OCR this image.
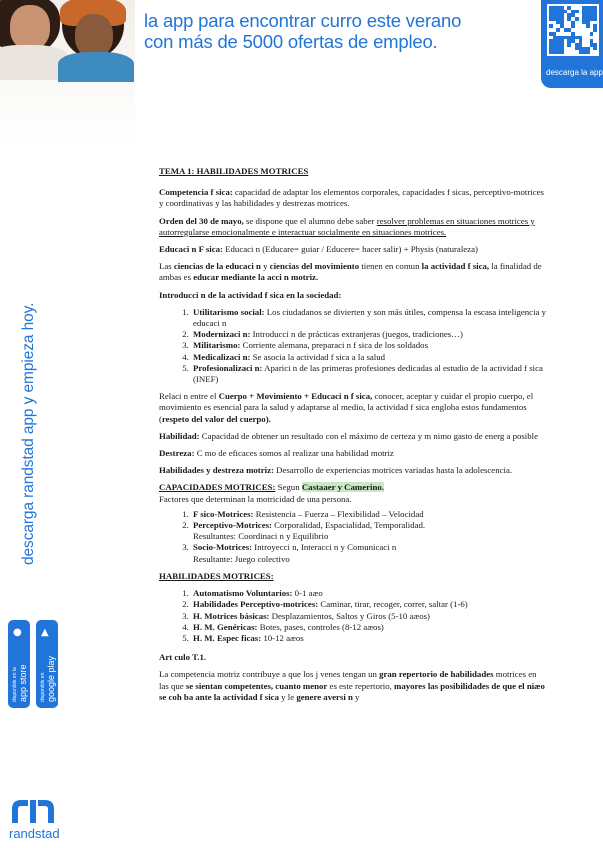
la app para encontrar curro este verano
con más de 5000 ofertas de empleo.
descarga la app
descarga randstad app y empieza hoy.
●
disponible en la app store
▲
disponible en google play
randstad

TEMA 1: HABILIDADES MOTRICES

Competencia f sica: capacidad de adaptar los elementos corporales, capacidades f sicas, perceptivo-motrices y coordinativas y las habilidades y destrezas motrices.

Orden del 30 de mayo, se dispone que el alumno debe saber resolver problemas en situaciones motrices y autorregularse emocionalmente e interactuar socialmente en situaciones motrices.

Educaci n F sica: Educaci n (Educare= guiar / Educere= hacer salir) + Physis (naturaleza)

Las ciencias de la educaci n y ciencias del movimiento tienen en comun la actividad f sica, la finalidad de ambas es educar mediante la acci n motriz.

Introducci n de la actividad f sica en la sociedad:

1. Utilitarismo social: Los ciudadanos se divierten y son más útiles, compensa la escasa inteligencia y educaci n
2. Modernizaci n: Introducci n de prácticas extranjeras (juegos, tradiciones…)
3. Militarismo: Corriente alemana, preparaci n f sica de los soldados
4. Medicalizaci n: Se asocia la actividad f sica a la salud
5. Profesionalizaci n: Aparici n de las primeras profesiones dedicadas al estudio de la actividad f sica (INEF)

Relaci n entre el Cuerpo + Movimiento + Educaci n f sica, conocer, aceptar y cuidar el propio cuerpo, el movimiento es esencial para la salud y adaptarse al medio, la actividad f sica engloba estos fundamentos (respeto del valor del cuerpo).

Habilidad: Capacidad de obtener un resultado con el máximo de certeza y m nimo gasto de energ a posible

Destreza: C mo de eficaces somos al realizar una habilidad motriz

Habilidades y destreza motriz: Desarrollo de experiencias motrices variadas hasta la adolescencia.

CAPACIDADES MOTRICES: Segun Castaaer y Camerino.
Factores que determinan la motricidad de una persona.

1. F sico-Motrices: Resistencia – Fuerza – Flexibilidad – Velocidad
2. Perceptivo-Motrices: Corporalidad, Espacialidad, Temporalidad.
Resultantes: Coordinaci n y Equilibrio
3. Socio-Motrices: Introyecci n, Interacci n y Comunicaci n
Resultante: Juego colectivo

HABILIDADES MOTRICES:

1. Automatismo Voluntarios: 0-1 aæo
2. Habilidades Perceptivo-motrices: Caminar, tirar, recoger, correr, saltar (1-6)
3. H. Motrices básicas: Desplazamientos, Saltos y Giros (5-10 aæos)
4. H. M. Genéricas: Botes, pases, controles (8-12 aæos)
5. H. M. Espec ficas: 10-12 aæos

Art culo T.1.

La competencia motriz contribuye a que los j venes tengan un gran repertorio de habilidades motrices en las que se sientan competentes, cuanto menor es este repertorio, mayores las posibilidades de que el niæo se coh ba ante la actividad f sica y le genere aversi n y
